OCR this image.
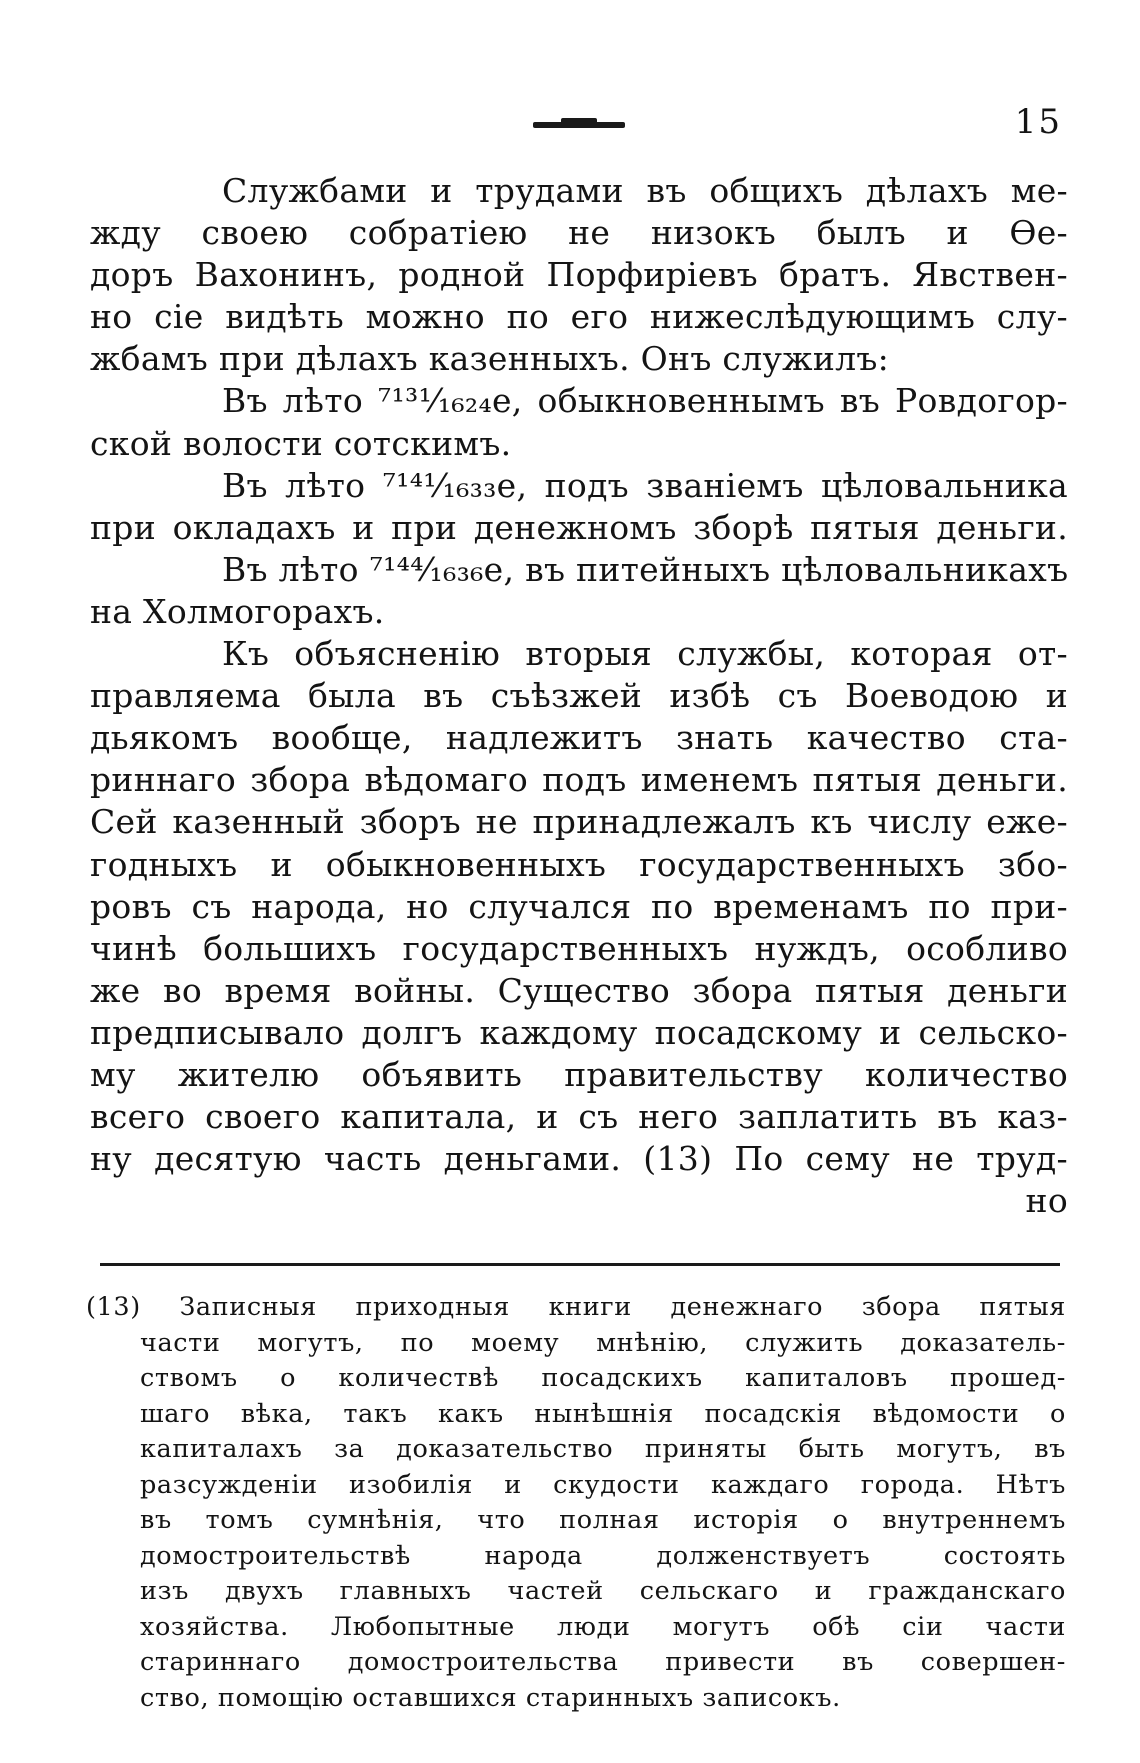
15
Службами и трудами въ общихъ дѣлахъ ме-
жду своею собратiею не низокъ былъ и Ѳе-
доръ Вахонинъ, родной Порфирiевъ братъ. Явствен-
но сiе видѣть можно по его нижеслѣдующимъ слу-
жбамъ при дѣлахъ казенныхъ. Онъ служилъ:
Въ лѣто ⁷¹³¹⁄₁₆₂₄е, обыкновеннымъ въ Ровдогор-
ской волости сотскимъ.
Въ лѣто ⁷¹⁴¹⁄₁₆₃₃е, подъ званiемъ цѣловальника
при окладахъ и при денежномъ зборѣ пятыя деньги.
Въ лѣто ⁷¹⁴⁴⁄₁₆₃₆е, въ питейныхъ цѣловальникахъ
на Холмогорахъ.
Къ объясненiю вторыя службы, которая от-
правляема была въ съѣзжей избѣ съ Воеводою и
дьякомъ вообще, надлежитъ знать качество ста-
риннаго збора вѣдомаго подъ именемъ пятыя деньги.
Сей казенный зборъ не принадлежалъ къ числу еже-
годныхъ и обыкновенныхъ государственныхъ збо-
ровъ съ народа, но случался по временамъ по при-
чинѣ большихъ государственныхъ нуждъ, особливо
же во время войны. Существо збора пятыя деньги
предписывало долгъ каждому посадскому и сельско-
му жителю объявить правительству количество
всего своего капитала, и съ него заплатить въ каз-
ну десятую часть деньгами. (13) По сему не труд-
но
(13) Записныя приходныя книги денежнаго збора пятыя
части могутъ, по моему мнѣнiю, служить доказатель-
ствомъ о количествѣ посадскихъ капиталовъ прошед-
шаго вѣка, такъ какъ нынѣшнiя посадскiя вѣдомости о
капиталахъ за доказательство приняты быть могутъ, въ
разсужденiи изобилiя и скудости каждаго города. Нѣтъ
въ томъ сумнѣнiя, что полная исторiя о внутреннемъ
домостроительствѣ народа долженствуетъ состоять
изъ двухъ главныхъ частей сельскаго и гражданскаго
хозяйства. Любопытные люди могутъ обѣ сiи части
стариннаго домостроительства привести въ совершен-
ство, помощiю оставшихся старинныхъ записокъ.
